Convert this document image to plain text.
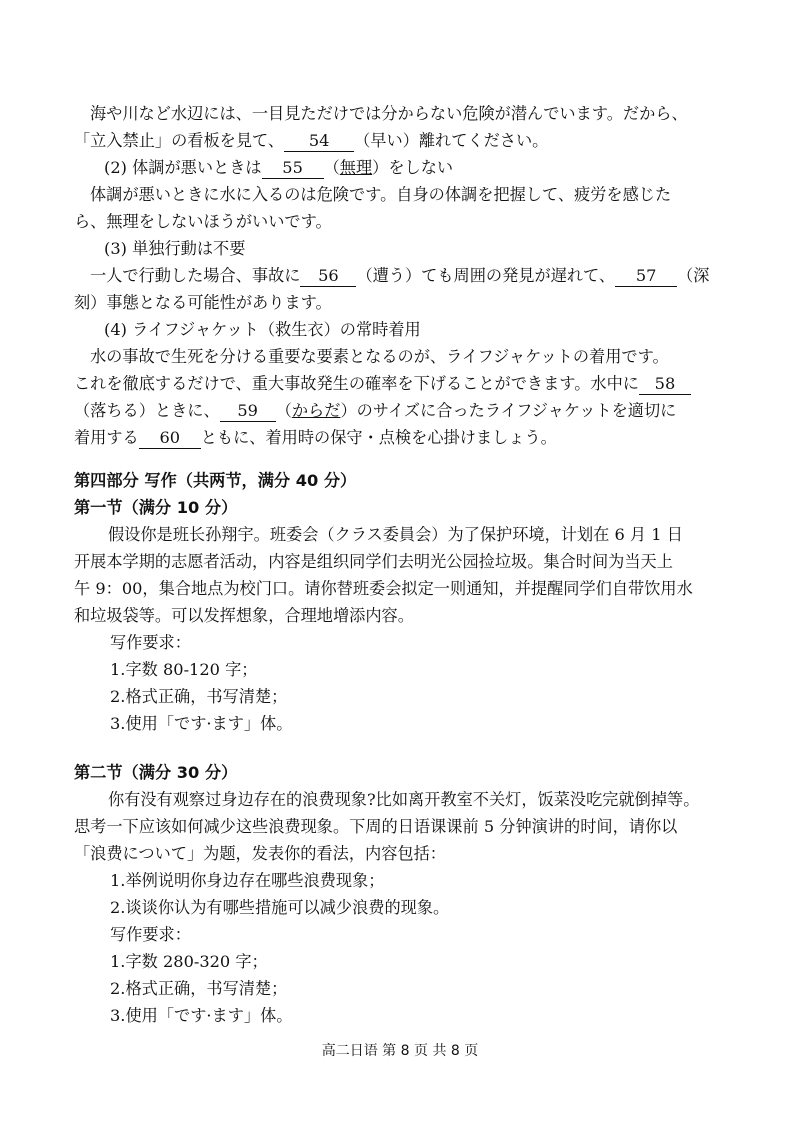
海や川など水辺には、一目見ただけでは分からない危険が潜んでいます。だから、
「立入禁止」の看板を見て、 54 （早い）離れてください。
(2) 体調が悪いときは 55 （無理）をしない
体調が悪いときに水に入るのは危険です。自身の体調を把握して、疲労を感じた
ら、無理をしないほうがいいです。
(3) 単独行動は不要
一人で行動した場合、事故に 56 （遭う）ても周囲の発見が遅れて、 57 （深
刻）事態となる可能性があります。
(4) ライフジャケット（救生衣）の常時着用
水の事故で生死を分ける重要な要素となるのが、ライフジャケットの着用です。
これを徹底するだけで、重大事故発生の確率を下げることができます。水中に 58
（落ちる）ときに、 59 （からだ）のサイズに合ったライフジャケットを適切に
着用する 60 ともに、着用時の保守・点検を心掛けましょう。
第四部分 写作（共两节，满分 40 分）
第一节（满分 10 分）
假设你是班长孙翔宇。班委会（クラス委員会）为了保护环境，计划在 6 月 1 日
开展本学期的志愿者活动，内容是组织同学们去明光公园捡垃圾。集合时间为当天上
午 9：00，集合地点为校门口。请你替班委会拟定一则通知，并提醒同学们自带饮用水
和垃圾袋等。可以发挥想象，合理地增添内容。
写作要求：
1.字数 80-120 字；
2.格式正确，书写清楚；
3.使用「です·ます」体。
第二节（满分 30 分）
你有没有观察过身边存在的浪费现象?比如离开教室不关灯，饭菜没吃完就倒掉等。
思考一下应该如何减少这些浪费现象。下周的日语课课前 5 分钟演讲的时间，请你以
「浪费について」为题，发表你的看法，内容包括：
1.举例说明你身边存在哪些浪费现象；
2.谈谈你认为有哪些措施可以减少浪费的现象。
写作要求：
1.字数 280-320 字；
2.格式正确，书写清楚；
3.使用「です·ます」体。
高二日语 第 8 页 共 8 页
